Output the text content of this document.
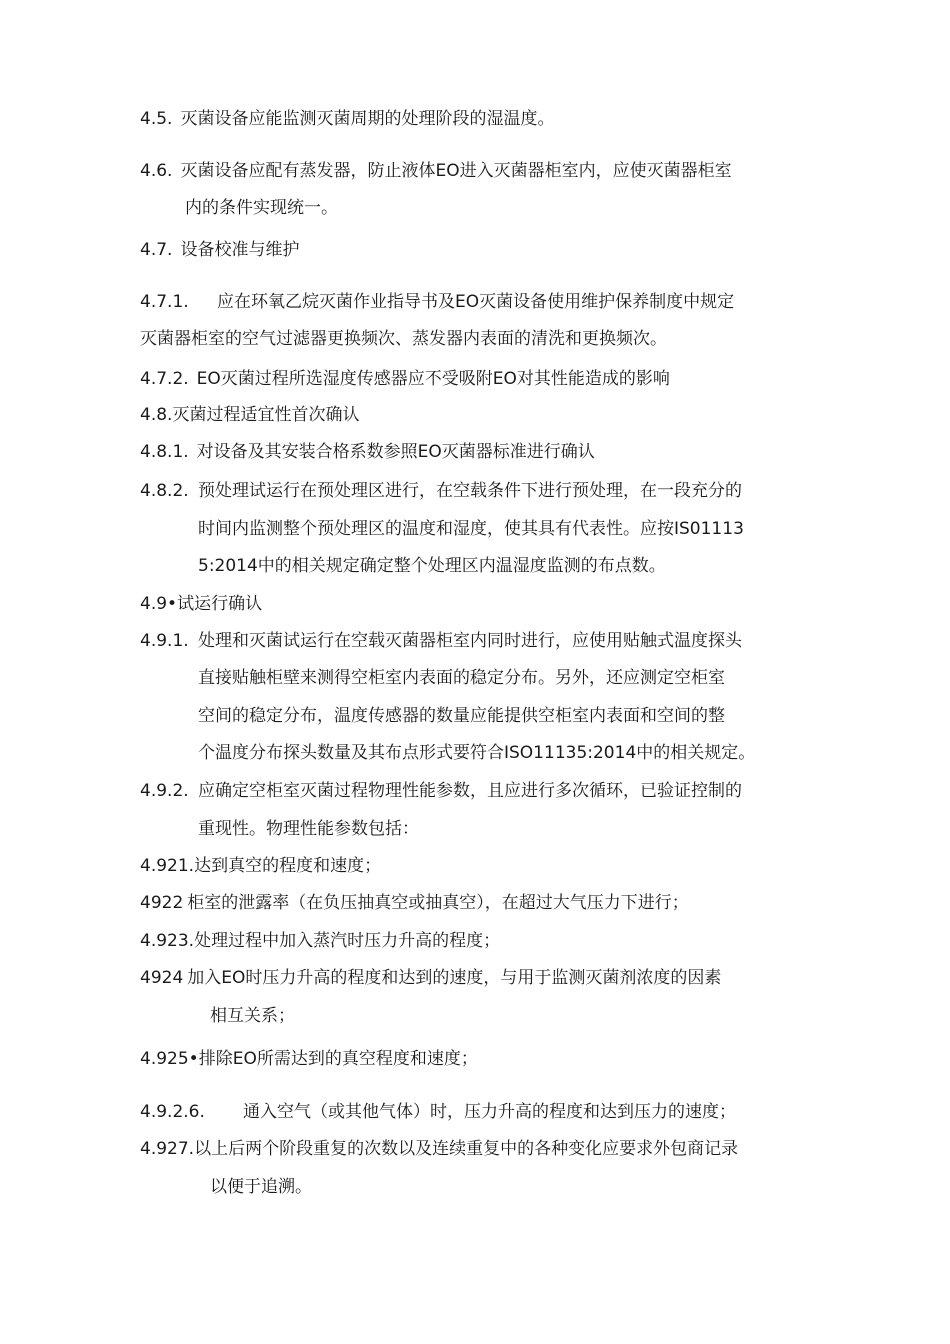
4.5. 灭菌设备应能监测灭菌周期的处理阶段的湿温度。
4.6. 灭菌设备应配有蒸发器，防止液体EO进入灭菌器柜室内，应使灭菌器柜室
内的条件实现统一。
4.7. 设备校准与维护
4.7.1. 应在环氧乙烷灭菌作业指导书及EO灭菌设备使用维护保养制度中规定
灭菌器柜室的空气过滤器更换频次、蒸发器内表面的清洗和更换频次。
4.7.2. EO灭菌过程所选湿度传感器应不受吸附EO对其性能造成的影响
4.8.灭菌过程适宜性首次确认
4.8.1. 对设备及其安装合格系数参照EO灭菌器标准进行确认
4.8.2. 预处理试运行在预处理区进行，在空载条件下进行预处理，在一段充分的
时间内监测整个预处理区的温度和湿度，使其具有代表性。应按IS01113
5:2014中的相关规定确定整个处理区内温湿度监测的布点数。
4.9•试运行确认
4.9.1. 处理和灭菌试运行在空载灭菌器柜室内同时进行，应使用贴触式温度探头
直接贴触柜壁来测得空柜室内表面的稳定分布。另外，还应测定空柜室
空间的稳定分布，温度传感器的数量应能提供空柜室内表面和空间的整
个温度分布探头数量及其布点形式要符合ISO11135:2014中的相关规定。
4.9.2. 应确定空柜室灭菌过程物理性能参数，且应进行多次循环，已验证控制的
重现性。物理性能参数包括：
4.921.达到真空的程度和速度；
4922 柜室的泄露率（在负压抽真空或抽真空），在超过大气压力下进行；
4.923.处理过程中加入蒸汽时压力升高的程度；
4924 加入EO时压力升高的程度和达到的速度，与用于监测灭菌剂浓度的因素
相互关系；
4.925•排除EO所需达到的真空程度和速度；
4.9.2.6. 通入空气（或其他气体）时，压力升高的程度和达到压力的速度；
4.927.以上后两个阶段重复的次数以及连续重复中的各种变化应要求外包商记录
以便于追溯。
